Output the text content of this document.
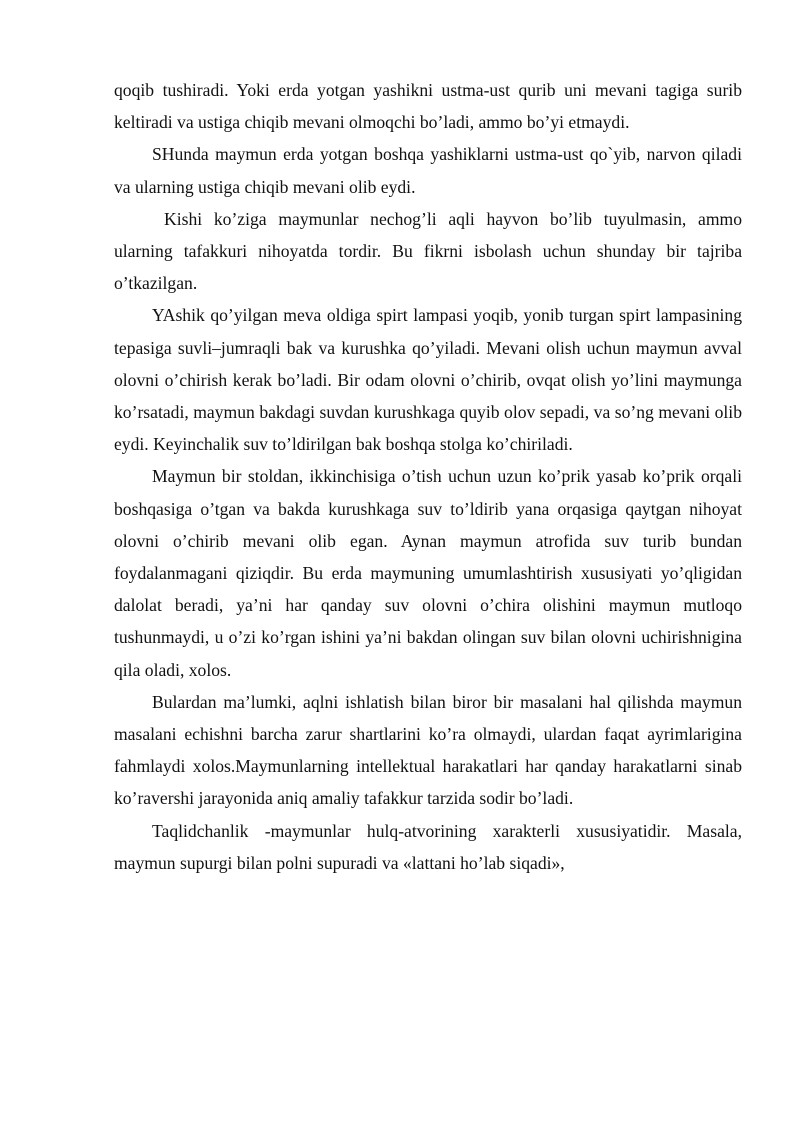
qoqib tushiradi. Yoki erda yotgan yashikni ustma-ust qurib uni mevani tagiga surib keltiradi va ustiga chiqib mevani olmoqchi bo’ladi, ammo bo’yi etmaydi.

SHunda maymun erda yotgan boshqa yashiklarni ustma-ust qo`yib, narvon qiladi va ularning ustiga chiqib mevani olib eydi.

Kishi ko’ziga maymunlar nechog’li aqli hayvon bo’lib tuyulmasin, ammo ularning tafakkuri nihoyatda tordir. Bu fikrni isbolash uchun shunday bir tajriba o’tkazilgan.

YAshik qo’yilgan meva oldiga spirt lampasi yoqib, yonib turgan spirt lampasining tepasiga suvli–jumraqli bak va kurushka qo’yiladi. Mevani olish uchun maymun avval olovni o’chirish kerak bo’ladi. Bir odam olovni o’chirib, ovqat olish yo’lini maymunga ko’rsatadi, maymun bakdagi suvdan kurushkaga quyib olov sepadi, va so’ng mevani olib eydi. Keyinchalik suv to’ldirilgan bak boshqa stolga ko’chiriladi.

Maymun bir stoldan, ikkinchisiga o’tish uchun uzun ko’prik yasab ko’prik orqali boshqasiga o’tgan va bakda kurushkaga suv to’ldirib yana orqasiga qaytgan nihoyat olovni o’chirib mevani olib egan. Aynan maymun atrofida suv turib bundan foydalanmagani qiziqdir. Bu erda maymuning umumlashtirish xususiyati yo’qligidan dalolat beradi, ya’ni har qanday suv olovni o’chira olishini maymun mutloqo tushunmaydi, u o’zi ko’rgan ishini ya’ni bakdan olingan suv bilan olovni uchirishnigina qila oladi, xolos.

Bulardan ma’lumki, aqlni ishlatish bilan biror bir masalani hal qilishda maymun masalani echishni barcha zarur shartlarini ko’ra olmaydi, ulardan faqat ayrimlarigina fahmlaydi xolos.Maymunlarning intellektual harakatlari har qanday harakatlarni sinab ko’ravershi jarayonida aniq amaliy tafakkur tarzida sodir bo’ladi.

Taqlidchanlik -maymunlar hulq-atvorining xarakterli xususiyatidir. Masala, maymun supurgi bilan polni supuradi va «lattani ho’lab siqadi»,
